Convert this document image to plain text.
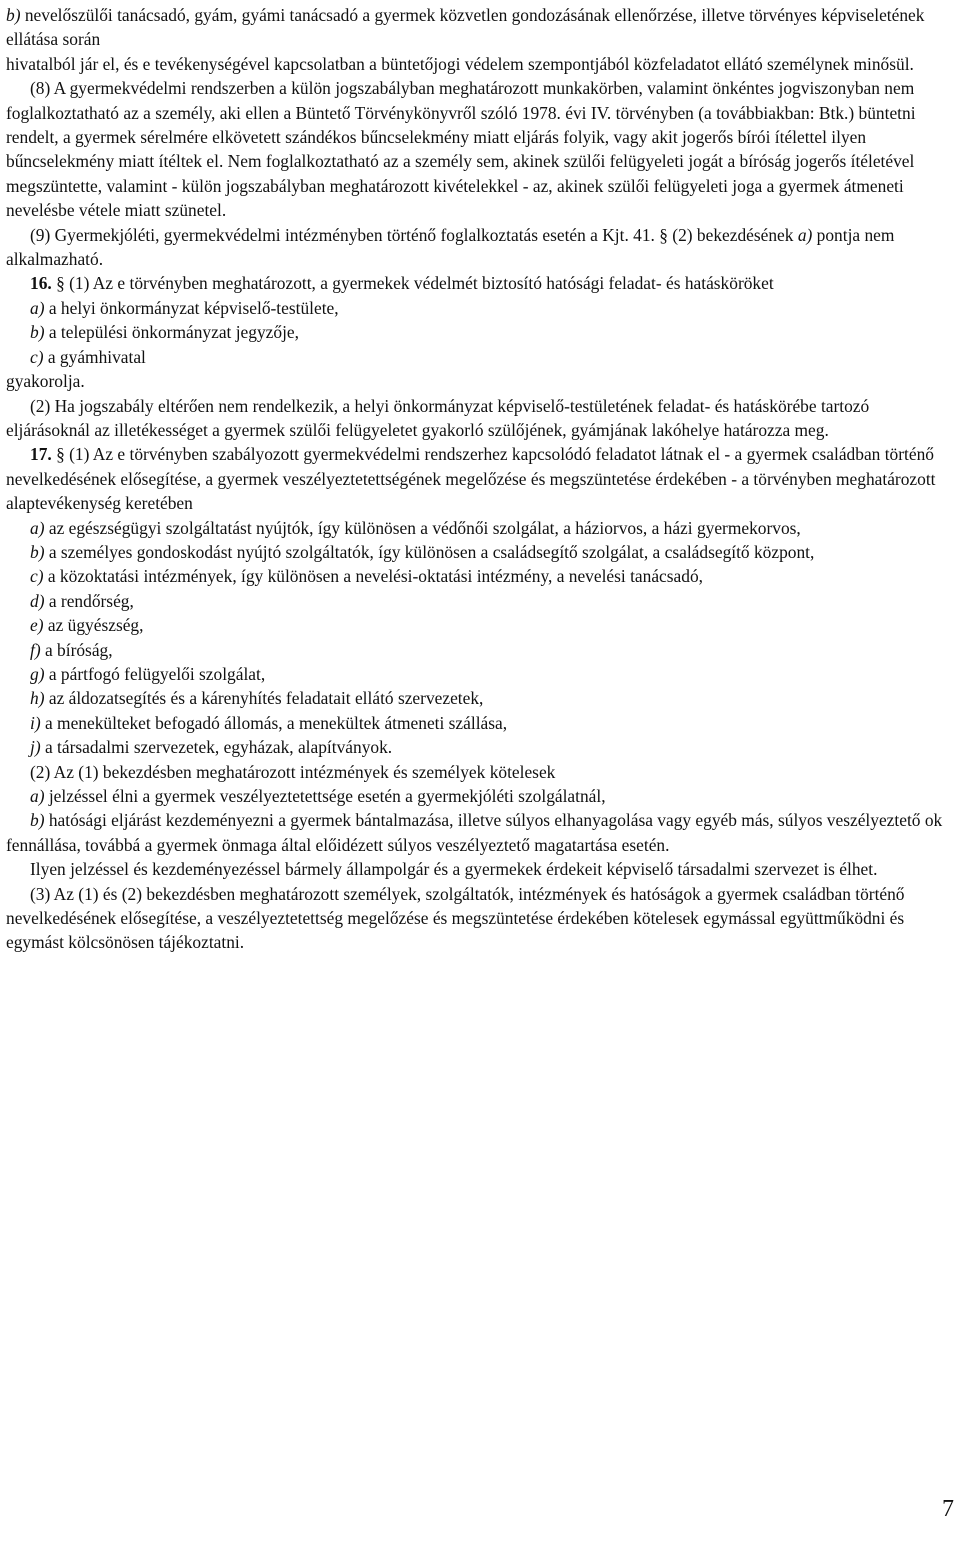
b) nevelőszülői tanácsadó, gyám, gyámi tanácsadó a gyermek közvetlen gondozásának ellenőrzése, illetve törvényes képviseletének ellátása során

hivatalból jár el, és e tevékenységével kapcsolatban a büntetőjogi védelem szempontjából közfeladatot ellátó személynek minősül.

(8) A gyermekvédelmi rendszerben a külön jogszabályban meghatározott munkakörben, valamint önkéntes jogviszonyban nem foglalkoztatható az a személy, aki ellen a Büntető Törvénykönyvről szóló 1978. évi IV. törvényben (a továbbiakban: Btk.) büntetni rendelt, a gyermek sérelmére elkövetett szándékos bűncselekmény miatt eljárás folyik, vagy akit jogerős bírói ítélettel ilyen bűncselekmény miatt ítéltek el. Nem foglalkoztatható az a személy sem, akinek szülői felügyeleti jogát a bíróság jogerős ítéletével megszüntette, valamint - külön jogszabályban meghatározott kivételekkel - az, akinek szülői felügyeleti joga a gyermek átmeneti nevelésbe vétele miatt szünetel.

(9) Gyermekjóléti, gyermekvédelmi intézményben történő foglalkoztatás esetén a Kjt. 41. § (2) bekezdésének a) pontja nem alkalmazható.

16. § (1) Az e törvényben meghatározott, a gyermekek védelmét biztosító hatósági feladat- és hatásköröket

a) a helyi önkormányzat képviselő-testülete,

b) a települési önkormányzat jegyzője,

c) a gyámhivatal

gyakorolja.

(2) Ha jogszabály eltérően nem rendelkezik, a helyi önkormányzat képviselő-testületének feladat- és hatáskörébe tartozó eljárásoknál az illetékességet a gyermek szülői felügyeletet gyakorló szülőjének, gyámjának lakóhelye határozza meg.

17. § (1) Az e törvényben szabályozott gyermekvédelmi rendszerhez kapcsolódó feladatot látnak el - a gyermek családban történő nevelkedésének elősegítése, a gyermek veszélyeztetettségének megelőzése és megszüntetése érdekében - a törvényben meghatározott alaptevékenység keretében

a) az egészségügyi szolgáltatást nyújtók, így különösen a védőnői szolgálat, a háziorvos, a házi gyermekorvos,

b) a személyes gondoskodást nyújtó szolgáltatók, így különösen a családsegítő szolgálat, a családsegítő központ,

c) a közoktatási intézmények, így különösen a nevelési-oktatási intézmény, a nevelési tanácsadó,

d) a rendőrség,

e) az ügyészség,

f) a bíróság,

g) a pártfogó felügyelői szolgálat,

h) az áldozatsegítés és a kárenyhítés feladatait ellátó szervezetek,

i) a menekülteket befogadó állomás, a menekültek átmeneti szállása,

j) a társadalmi szervezetek, egyházak, alapítványok.

(2) Az (1) bekezdésben meghatározott intézmények és személyek kötelesek

a) jelzéssel élni a gyermek veszélyeztetettsége esetén a gyermekjóléti szolgálatnál,

b) hatósági eljárást kezdeményezni a gyermek bántalmazása, illetve súlyos elhanyagolása vagy egyéb más, súlyos veszélyeztető ok fennállása, továbbá a gyermek önmaga által előidézett súlyos veszélyeztető magatartása esetén.

Ilyen jelzéssel és kezdeményezéssel bármely állampolgár és a gyermekek érdekeit képviselő társadalmi szervezet is élhet.

(3) Az (1) és (2) bekezdésben meghatározott személyek, szolgáltatók, intézmények és hatóságok a gyermek családban történő nevelkedésének elősegítése, a veszélyeztetettség megelőzése és megszüntetése érdekében kötelesek egymással együttműködni és egymást kölcsönösen tájékoztatni.

7
